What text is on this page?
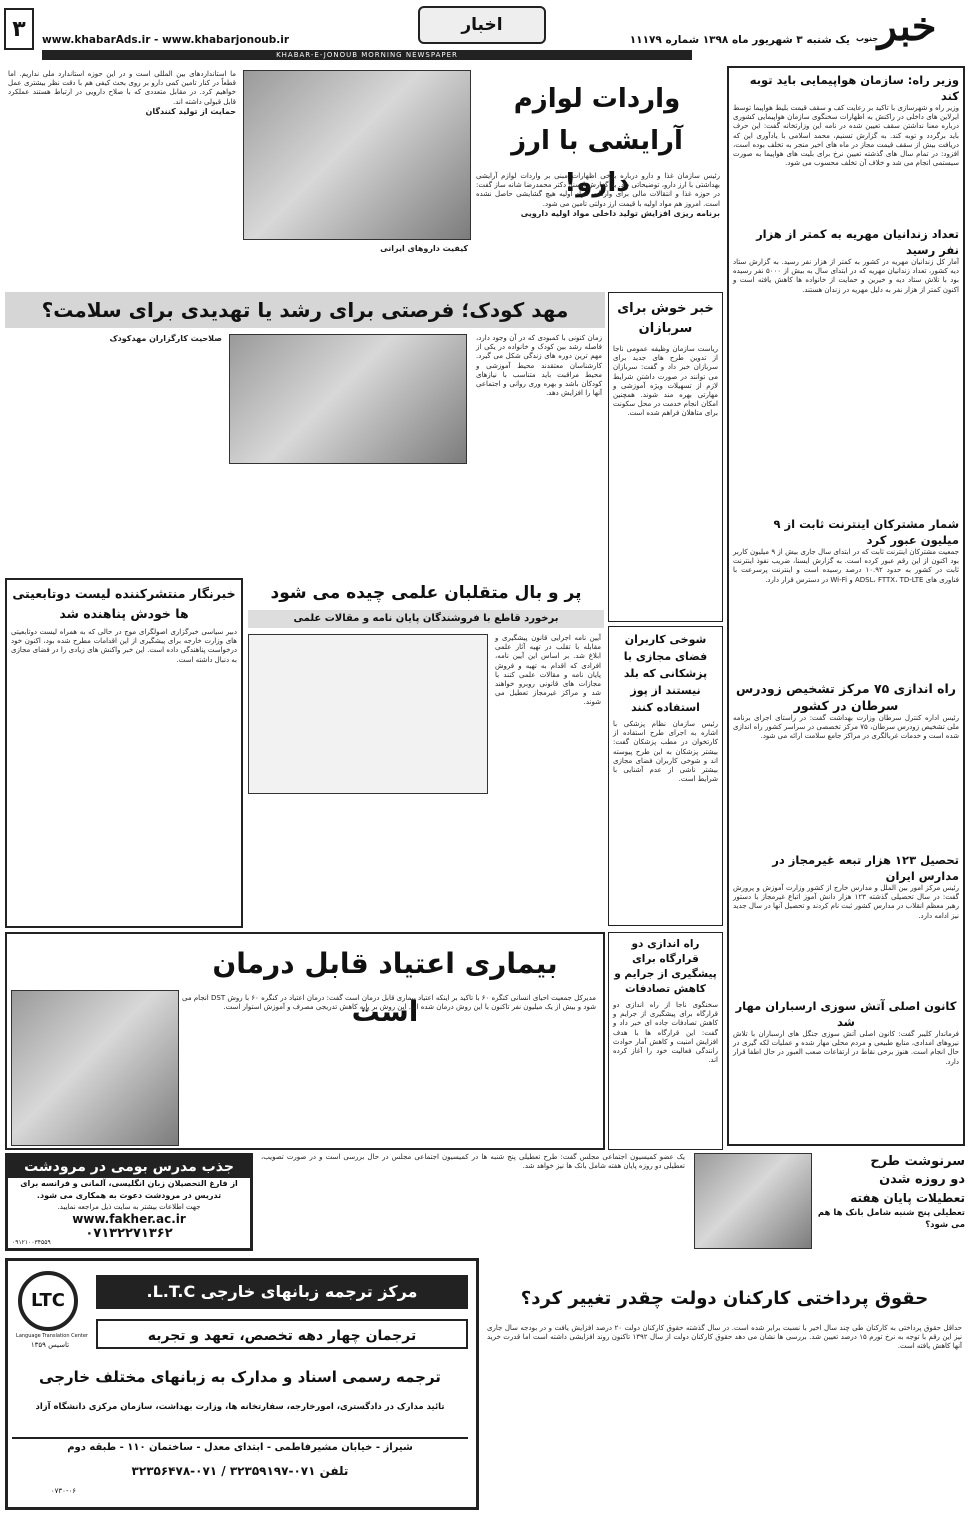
خبر
جنوب
یک شنبه ۳ شهریور ماه ۱۳۹۸ شماره ۱۱۱۷۹
اخبار
www.khabarAds.ir - www.khabarjonoub.ir
۳
KHABAR-E-JONOUB MORNING NEWSPAPER
وزیر راه: سازمان هواپیمایی باید توبه کند
وزیر راه و شهرسازی با تاکید بر رعایت کف و سقف قیمت بلیط هواپیما توسط ایرلاین های داخلی در راکنش به اظهارات سخنگوی سازمان هواپیمایی کشوری درباره معنا نداشتن سقف تعیین شده در نامه این وزارتخانه گفت: این حرف باید برگردد و توبه کند. به گزارش تسنیم، محمد اسلامی با یادآوری این که دریافت بیش از سقف قیمت مجاز در ماه های اخیر منجر به تخلف بوده است، افزود: در تمام سال های گذشته تعیین نرخ برای بلیت های هواپیما به صورت سیستمی انجام می شد و خلاف آن تخلف محسوب می شود.
تعداد زندانیان مهریه به کمتر از هزار نفر رسید
آمار کل زندانیان مهریه در کشور به کمتر از هزار نفر رسید. به گزارش ستاد دیه کشور، تعداد زندانیان مهریه که در ابتدای سال به بیش از ۵۰۰۰ نفر رسیده بود با تلاش ستاد دیه و خیرین و حمایت از خانواده ها کاهش یافته است و اکنون کمتر از هزار نفر به دلیل مهریه در زندان هستند.
شمار مشترکان اینترنت ثابت از ۹ میلیون عبور کرد
جمعیت مشترکان اینترنت ثابت که در ابتدای سال جاری بیش از ۹ میلیون کاربر بود اکنون از این رقم عبور کرده است. به گزارش ایسنا، ضریب نفوذ اینترنت ثابت در کشور به حدود ۱۰.۹۲ درصد رسیده است و اینترنت پرسرعت با فناوری های ADSL، FTTX، TD-LTE و Wi-Fi در دسترس قرار دارد.
راه اندازی ۷۵ مرکز تشخیص زودرس سرطان در کشور
رئیس اداره کنترل سرطان وزارت بهداشت گفت: در راستای اجرای برنامه ملی تشخیص زودرس سرطان، ۷۵ مرکز تخصصی در سراسر کشور راه اندازی شده است و خدمات غربالگری در مراکز جامع سلامت ارائه می شود.
تحصیل ۱۲۳ هزار تبعه غیرمجاز در مدارس ایران
رئیس مرکز امور بین الملل و مدارس خارج از کشور وزارت آموزش و پرورش گفت: در سال تحصیلی گذشته ۱۲۳ هزار دانش آموز اتباع غیرمجاز با دستور رهبر معظم انقلاب در مدارس کشور ثبت نام کردند و تحصیل آنها در سال جدید نیز ادامه دارد.
کانون اصلی آتش سوزی ارسباران مهار شد
فرماندار کلیبر گفت: کانون اصلی آتش سوزی جنگل های ارسباران با تلاش نیروهای امدادی، منابع طبیعی و مردم محلی مهار شده و عملیات لکه گیری در حال انجام است. هنوز برخی نقاط در ارتفاعات صعب العبور در حال اطفا قرار دارد.
واردات لوازم آرایشی با ارز دارو!
رئیس سازمان غذا و دارو درباره برخی اظهارات مبنی بر واردات لوازم آرایشی بهداشتی با ارز دارو، توضیحاتی داد. به گزارش ایسنا، دکتر محمدرضا شانه ساز گفت: در حوزه غذا و انتقالات مالی برای واردات مواد اولیه هیچ گشایشی حاصل نشده است. امروز هم مواد اولیه با قیمت ارز دولتی تامین می شود.
برنامه ریزی افزایش تولید داخلی مواد اولیه دارویی
کیفیت داروهای ایرانی
ما استانداردهای بین المللی است و در این حوزه استاندارد ملی نداریم. اما قطعاً در کنار تامین کمی دارو بر روی بحث کیفی هم با دقت نظر بیشتری عمل خواهیم کرد. در مقابل متعددی که با صلاح دارویی در ارتباط هستند عملکرد قابل قبولی داشته اند.
حمایت از تولید کنندگان
مهد کودک؛ فرصتی برای رشد یا تهدیدی برای سلامت؟
زمان کنونی با کمبودی که در آن وجود دارد، فاصله رشد بین کودک و خانواده در یکی از مهم ترین دوره های زندگی شکل می گیرد. کارشناسان معتقدند محیط آموزشی و محیط مراقبت باید متناسب با نیازهای کودکان باشد و بهره وری روانی و اجتماعی آنها را افزایش دهد.
صلاحیت کارگزاران مهدکودک
خبر خوش برای سربازان
ریاست سازمان وظیفه عمومی ناجا از تدوین طرح های جدید برای سربازان خبر داد و گفت: سربازان می توانند در صورت داشتن شرایط لازم از تسهیلات ویژه آموزشی و مهارتی بهره مند شوند. همچنین امکان انجام خدمت در محل سکونت برای متاهلان فراهم شده است.
پر و بال متقلبان علمی چیده می شود
برخورد قاطع با فروشندگان پایان نامه و مقالات علمی
آیین نامه اجرایی قانون پیشگیری و مقابله با تقلب در تهیه آثار علمی ابلاغ شد. بر اساس این آیین نامه، افرادی که اقدام به تهیه و فروش پایان نامه و مقالات علمی کنند با مجازات های قانونی روبرو خواهند شد و مراکز غیرمجاز تعطیل می شوند.
خبرنگار منتشرکننده لیست دوتابعیتی ها خودش پناهنده شد
دبیر سیاسی خبرگزاری اصولگرای موج در حالی که به همراه لیست دوتابعیتی های وزارت خارجه برای پیشگیری از این اقدامات مطرح شده بود، اکنون خود درخواست پناهندگی داده است. این خبر واکنش های زیادی را در فضای مجازی به دنبال داشته است.
شوخی کاربران فضای مجازی با پزشکانی که بلد نیستند از پوز استفاده کنند
رئیس سازمان نظام پزشکی با اشاره به اجرای طرح استفاده از کارتخوان در مطب پزشکان گفت: بیشتر پزشکان به این طرح پیوسته اند و شوخی کاربران فضای مجازی بیشتر ناشی از عدم آشنایی با شرایط است.
بیماری اعتیاد قابل درمان است
مدیرکل جمعیت احیای انسانی کنگره ۶۰ با تاکید بر اینکه اعتیاد بیماری قابل درمان است گفت: درمان اعتیاد در کنگره ۶۰ با روش DST انجام می شود و بیش از یک میلیون نفر تاکنون با این روش درمان شده اند. این روش بر پایه کاهش تدریجی مصرف و آموزش استوار است.
راه اندازی دو قرارگاه برای پیشگیری از جرایم و کاهش تصادفات
سخنگوی ناجا از راه اندازی دو قرارگاه برای پیشگیری از جرایم و کاهش تصادفات جاده ای خبر داد و گفت: این قرارگاه ها با هدف افزایش امنیت و کاهش آمار حوادث رانندگی فعالیت خود را آغاز کرده اند.
جذب مدرس بومی در مرودشت
از فارغ التحصیلان زبان انگلیسی، آلمانی و فرانسه برای
تدریس در مرودشت دعوت به همکاری می شود.
جهت اطلاعات بیشتر به سایت ذیل مراجعه نمایید.
www.fakher.ac.ir
۰۷۱۳۲۲۷۱۳۶۲
۰۹۱۲۱۰۰۳۴۵۵۹
یک عضو کمیسیون اجتماعی مجلس گفت: طرح تعطیلی پنج شنبه ها در کمیسیون اجتماعی مجلس در حال بررسی است و در صورت تصویب، تعطیلی دو روزه پایان هفته شامل بانک ها نیز خواهد شد.	سرنوشت طرح
دو روزه شدن
تعطیلات پایان هفته
تعطیلی پنج شنبه شامل بانک ها هم می شود؟
LTC
Language Translation Center
تاسیس ۱۳۵۹
مرکز ترجمه زبانهای خارجی L.T.C.
ترجمان چهار دهه تخصص، تعهد و تجربه
ترجمه رسمی اسناد و مدارک به زبانهای مختلف خارجی
تائید مدارک در دادگستری، امورخارجه، سفارتخانه ها، وزارت بهداشت، سازمان مرکزی دانشگاه آزاد
شیراز - خیابان مشیرفاطمی - ابتدای معدل - ساختمان ۱۱۰ - طبقه دوم
تلفن ۰۷۱-۳۲۳۵۹۱۹۷ / ۰۷۱-۳۲۳۵۶۴۷۸
۰۷۳۰-۰۶
حقوق پرداختی کارکنان دولت چقدر تغییر کرد؟
حداقل حقوق پرداختی به کارکنان طی چند سال اخیر با نسبت برابر شده است. در سال گذشته حقوق کارکنان دولت ۲۰ درصد افزایش یافت و در بودجه سال جاری نیز این رقم با توجه به نرخ تورم ۱۵ درصد تعیین شد. بررسی ها نشان می دهد حقوق کارکنان دولت از سال ۱۳۹۲ تاکنون روند افزایشی داشته است اما قدرت خرید آنها کاهش یافته است.
